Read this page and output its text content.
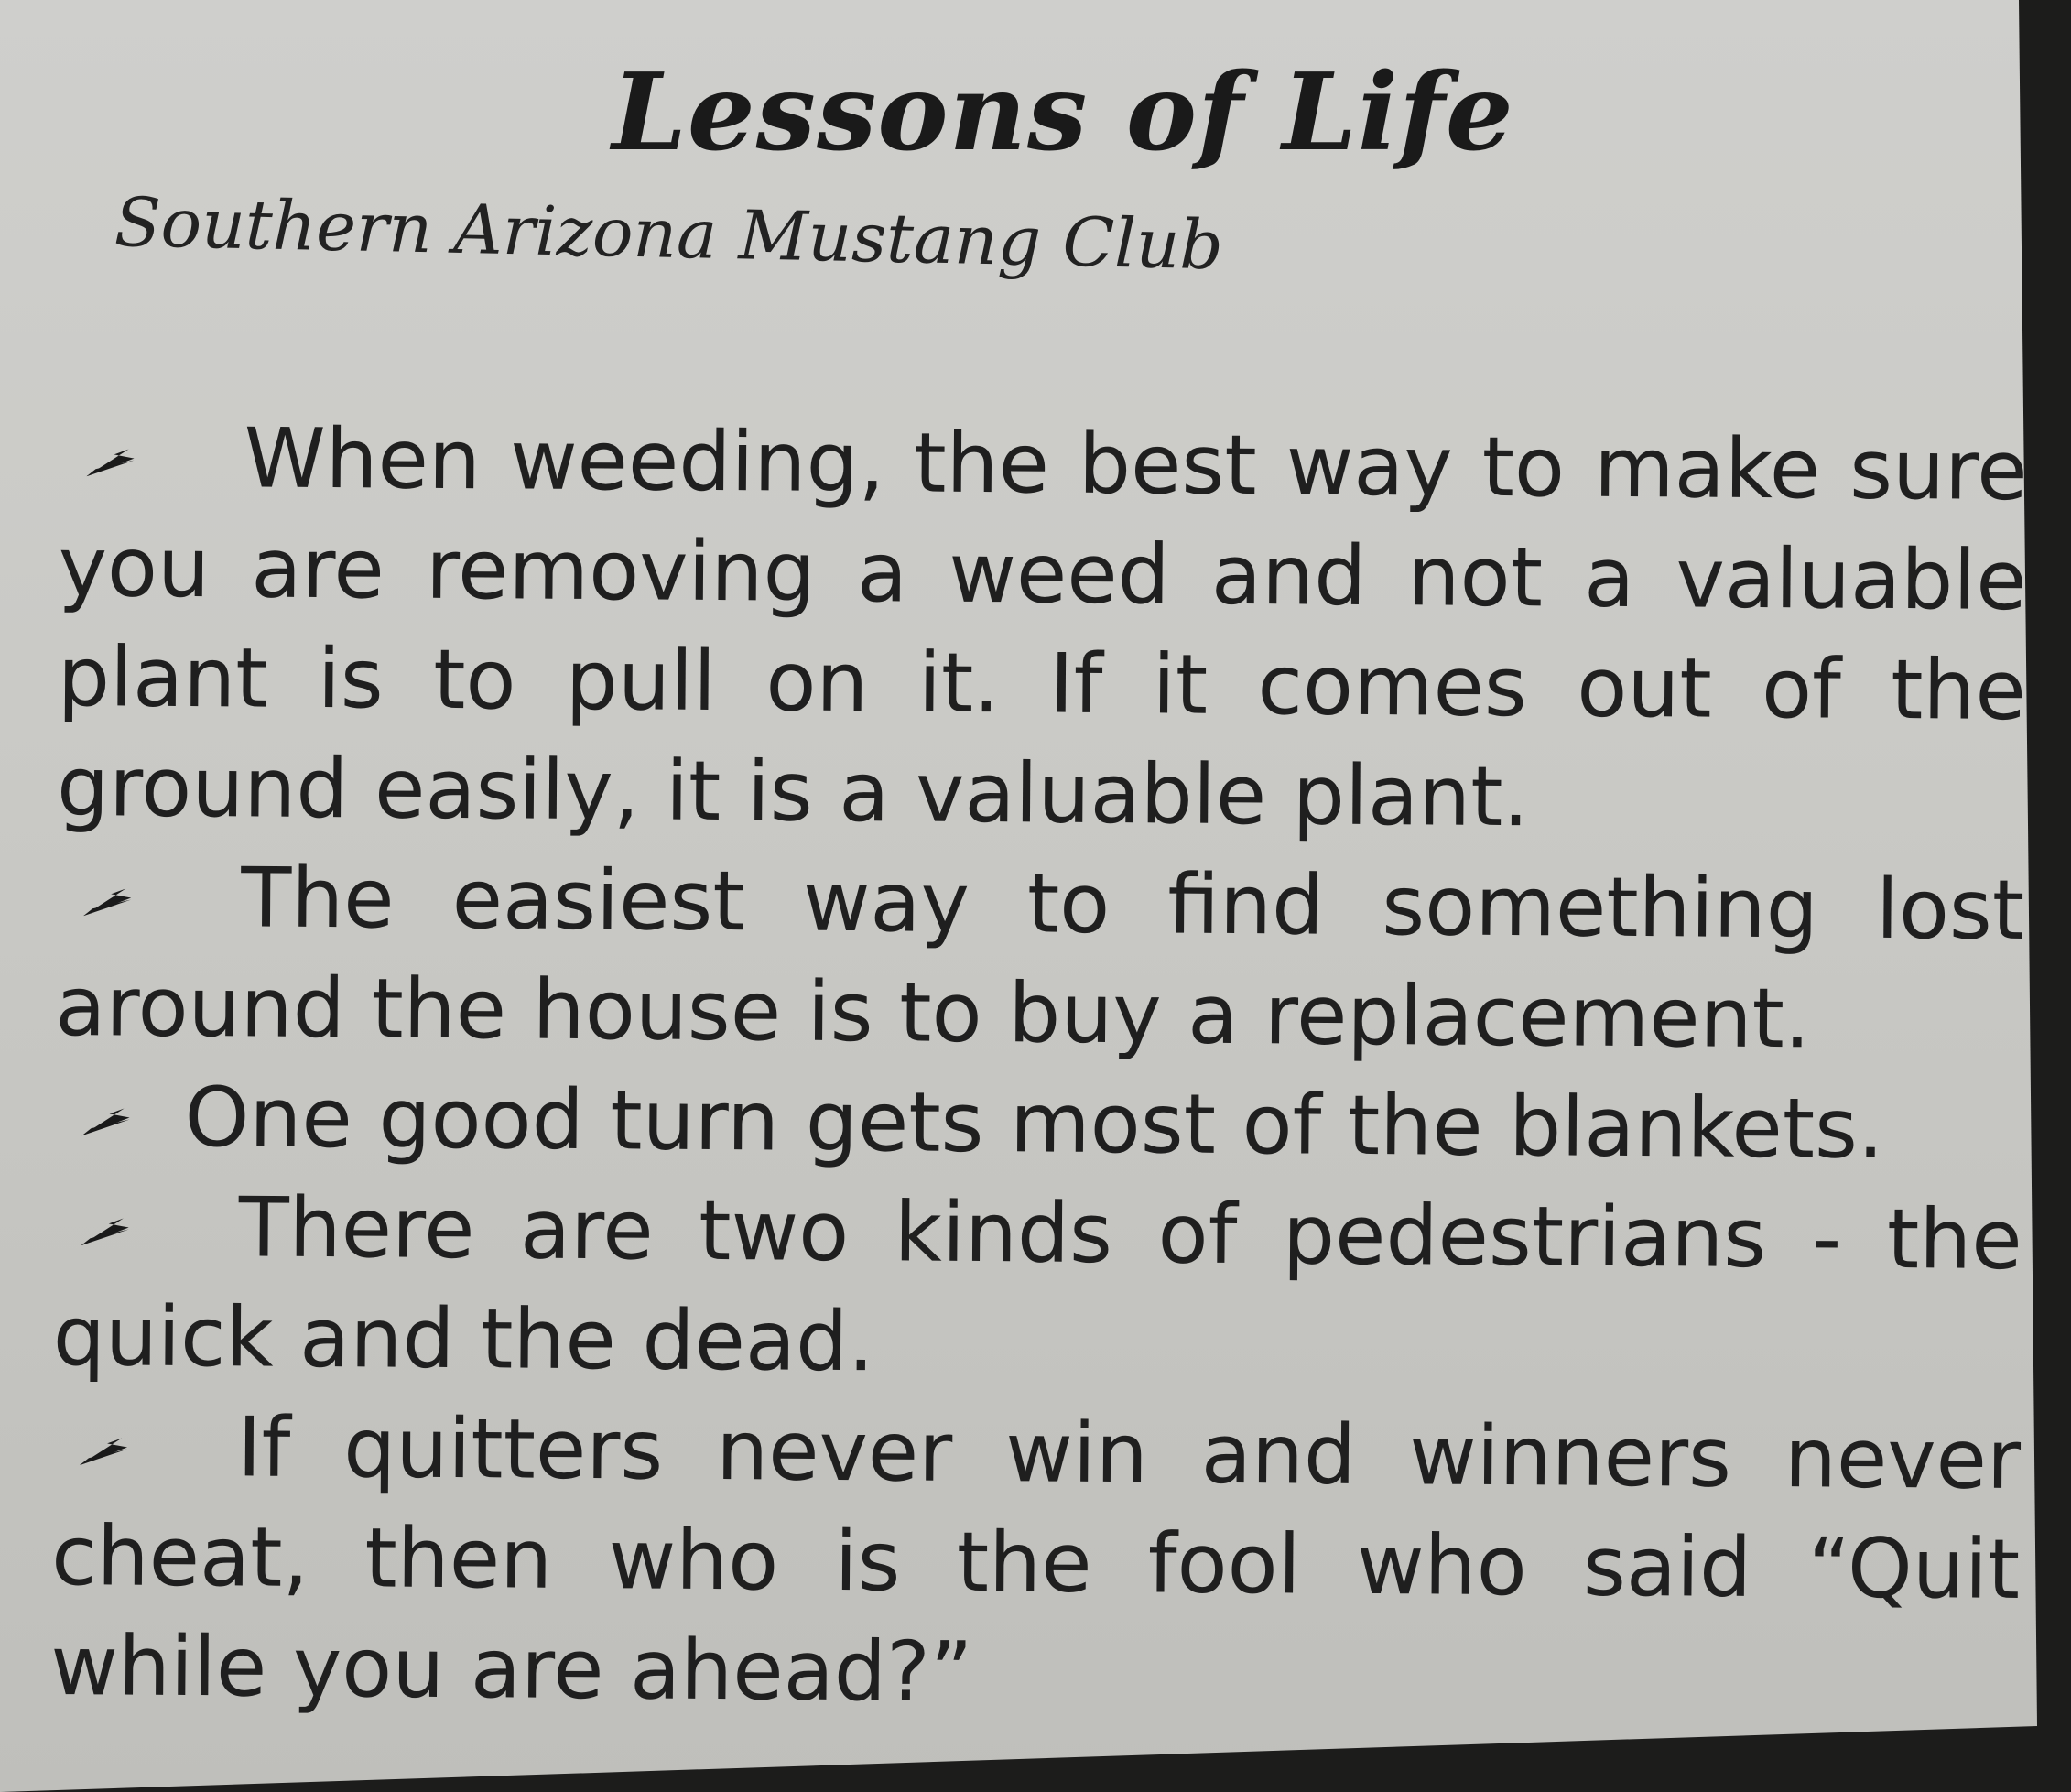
Lessons of Life
Southern Arizona Mustang Club
When weeding, the best way to make sure you are removing a weed and not a valuable plant is to pull on it. If it comes out of the ground easily, it is a valuable plant.
The easiest way to find something lost around the house is to buy a replacement.
One good turn gets most of the blankets.
There are two kinds of pedestrians - the quick and the dead.
If quitters never win and winners never cheat, then who is the fool who said “Quit while you are ahead?”
